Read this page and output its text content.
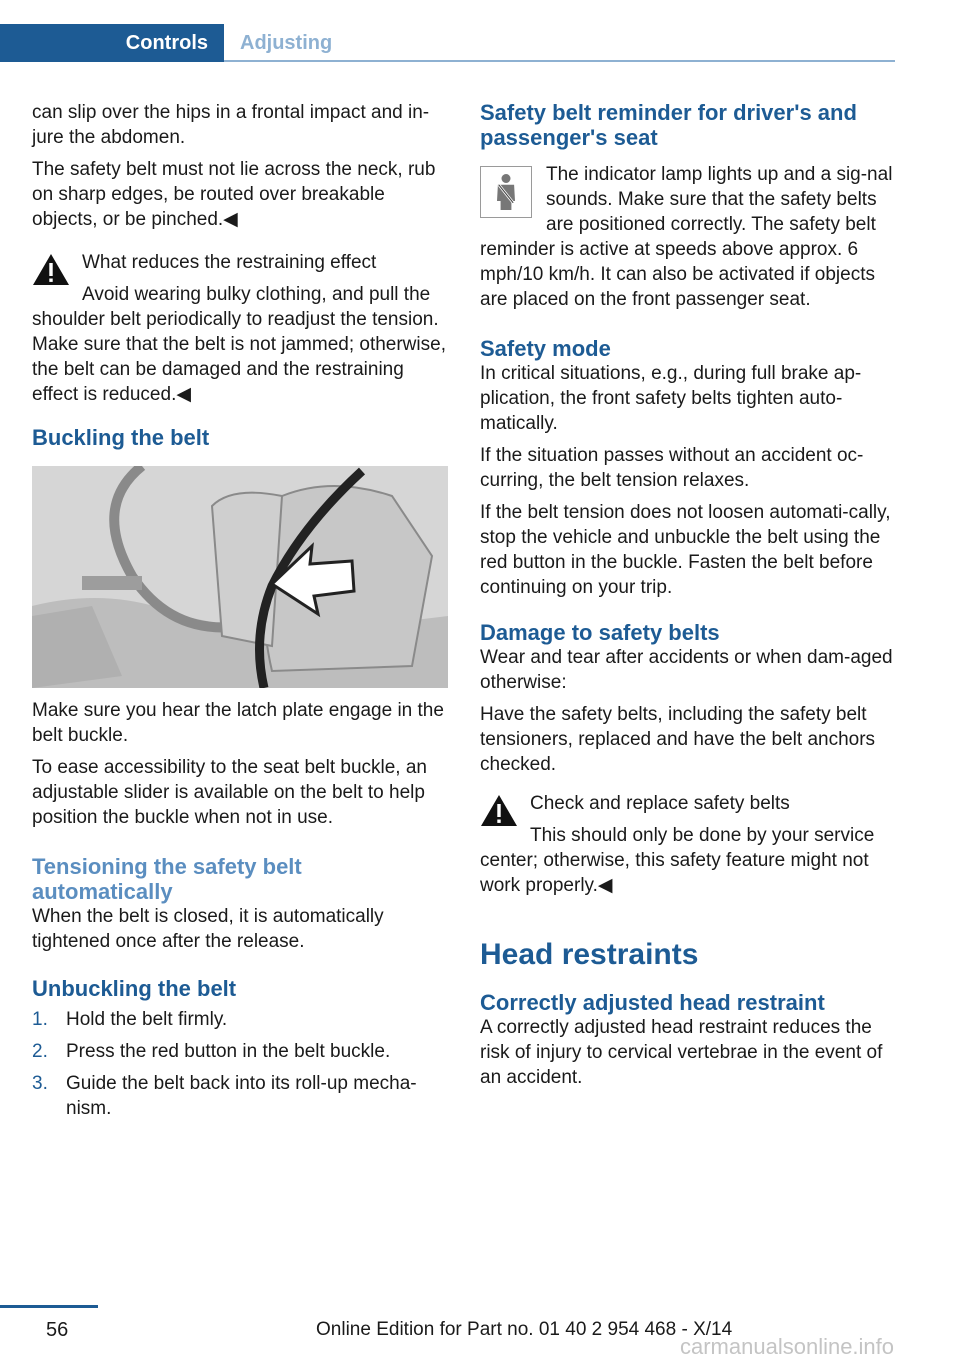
Controls	Adjusting

can slip over the hips in a frontal impact and in-jure the abdomen.

The safety belt must not lie across the neck, rub on sharp edges, be routed over breakable objects, or be pinched.◀

What reduces the restraining effect

Avoid wearing bulky clothing, and pull the shoulder belt periodically to readjust the tension. Make sure that the belt is not jammed; otherwise, the belt can be damaged and the restraining effect is reduced.◀

Buckling the belt

Make sure you hear the latch plate engage in the belt buckle.

To ease accessibility to the seat belt buckle, an adjustable slider is available on the belt to help position the buckle when not in use.

Tensioning the safety belt automatically

When the belt is closed, it is automatically tightened once after the release.

Unbuckling the belt
1. Hold the belt firmly.
2. Press the red button in the belt buckle.
3. Guide the belt back into its roll-up mecha-nism.
Safety belt reminder for driver's and passenger's seat

The indicator lamp lights up and a sig-nal sounds. Make sure that the safety belts are positioned correctly. The safety belt reminder is active at speeds above approx. 6 mph/10 km/h. It can also be activated if objects are placed on the front passenger seat.

Safety mode

In critical situations, e.g., during full brake ap-plication, the front safety belts tighten auto-matically.

If the situation passes without an accident oc-curring, the belt tension relaxes.

If the belt tension does not loosen automati-cally, stop the vehicle and unbuckle the belt using the red button in the buckle. Fasten the belt before continuing on your trip.

Damage to safety belts

Wear and tear after accidents or when dam-aged otherwise:

Have the safety belts, including the safety belt tensioners, replaced and have the belt anchors checked.

Check and replace safety belts

This should only be done by your service center; otherwise, this safety feature might not work properly.◀

Head restraints
Correctly adjusted head restraint

A correctly adjusted head restraint reduces the risk of injury to cervical vertebrae in the event of an accident.

56	Online Edition for Part no. 01 40 2 954 468 - X/14
carmanualsonline.info
